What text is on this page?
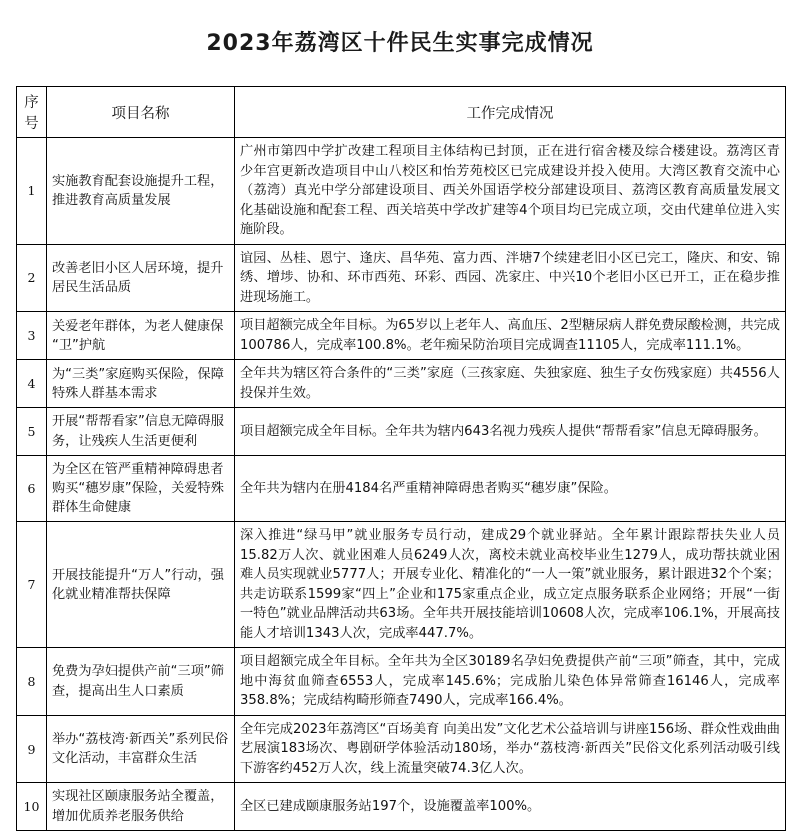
2023年荔湾区十件民生实事完成情况
序号	项目名称	工作完成情况
1	实施教育配套设施提升工程，推进教育高质量发展	广州市第四中学扩改建工程项目主体结构已封顶，正在进行宿舍楼及综合楼建设。荔湾区青少年宫更新改造项目中山八校区和怡芳苑校区已完成建设并投入使用。大湾区教育交流中心（荔湾）真光中学分部建设项目、西关外国语学校分部建设项目、荔湾区教育高质量发展文化基础设施和配套工程、西关培英中学改扩建等4个项目均已完成立项，交由代建单位进入实施阶段。
2	改善老旧小区人居环境，提升居民生活品质	谊园、丛桂、恩宁、逢庆、昌华苑、富力西、泮塘7个续建老旧小区已完工，隆庆、和安、锦绣、增埗、协和、环市西苑、环彩、西园、冼家庄、中兴10个老旧小区已开工，正在稳步推进现场施工。
3	关爱老年群体，为老人健康保“卫”护航	项目超额完成全年目标。为65岁以上老年人、高血压、2型糖尿病人群免费尿酸检测，共完成100786人，完成率100.8%。老年痴呆防治项目完成调查11105人，完成率111.1%。
4	为“三类”家庭购买保险，保障特殊人群基本需求	全年共为辖区符合条件的“三类”家庭（三孩家庭、失独家庭、独生子女伤残家庭）共4556人投保并生效。
5	开展“帮帮看家”信息无障碍服务，让残疾人生活更便利	项目超额完成全年目标。全年共为辖内643名视力残疾人提供“帮帮看家”信息无障碍服务。
6	为全区在管严重精神障碍患者购买“穗岁康”保险，关爱特殊群体生命健康	全年共为辖内在册4184名严重精神障碍患者购买“穗岁康”保险。
7	开展技能提升“万人”行动，强化就业精准帮扶保障	深入推进“绿马甲”就业服务专员行动，建成29个就业驿站。全年累计跟踪帮扶失业人员15.82万人次、就业困难人员6249人次，离校未就业高校毕业生1279人，成功帮扶就业困难人员实现就业5777人；开展专业化、精准化的“一人一策”就业服务，累计跟进32个个案；共走访联系1599家“四上”企业和175家重点企业，成立定点服务联系企业网络；开展“一街一特色”就业品牌活动共63场。全年共开展技能培训10608人次，完成率106.1%，开展高技能人才培训1343人次，完成率447.7%。
8	免费为孕妇提供产前“三项”筛查，提高出生人口素质	项目超额完成全年目标。全年共为全区30189名孕妇免费提供产前“三项”筛查，其中，完成地中海贫血筛查6553人，完成率145.6%；完成胎儿染色体异常筛查16146人，完成率358.8%；完成结构畸形筛查7490人，完成率166.4%。
9	举办“荔枝湾·新西关”系列民俗文化活动，丰富群众生活	全年完成2023年荔湾区“百场美育 向美出发”文化艺术公益培训与讲座156场、群众性戏曲曲艺展演183场次、粤剧研学体验活动180场，举办“荔枝湾·新西关”民俗文化系列活动吸引线下游客约452万人次，线上流量突破74.3亿人次。
10	实现社区颐康服务站全覆盖，增加优质养老服务供给	全区已建成颐康服务站197个，设施覆盖率100%。
